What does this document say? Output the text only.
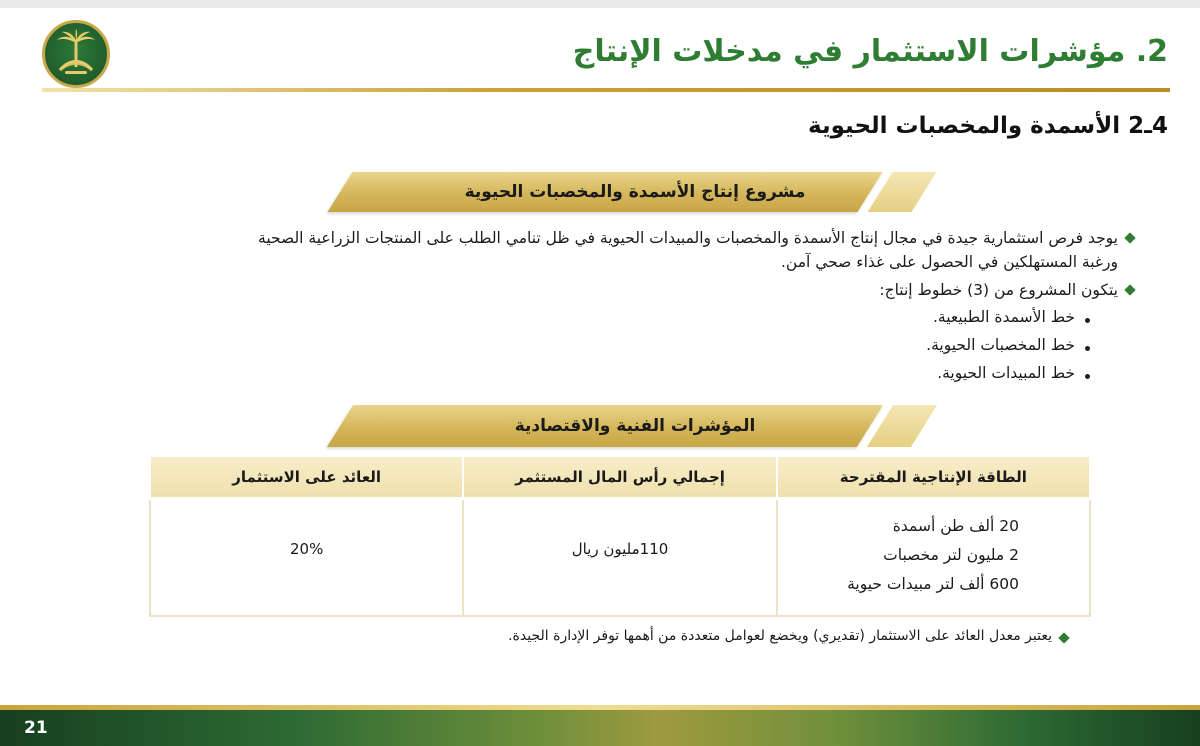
2. مؤشرات الاستثمار في مدخلات الإنتاج
4ـ2 الأسمدة والمخصبات الحيوية
مشروع إنتاج الأسمدة والمخصبات الحيوية
يوجد فرص استثمارية جيدة في مجال إنتاج الأسمدة والمخصبات والمبيدات الحيوية في ظل تنامي الطلب على المنتجات الزراعية الصحية
ورغبة المستهلكين في الحصول على غذاء صحي آمن.
يتكون المشروع من (3) خطوط إنتاج:
خط الأسمدة الطبيعية.
خط المخصبات الحيوية.
خط المبيدات الحيوية.
المؤشرات الفنية والاقتصادية
الطاقة الإنتاجية المقترحة	إجمالي رأس المال المستثمر	العائد على الاستثمار

20 ألف طن أسمدة
2 مليون لتر مخصبات
600 ألف لتر مبيدات حيوية	110مليون ريال	20%
يعتبر معدل العائد على الاستثمار (تقديري) ويخضع لعوامل متعددة من أهمها توفر الإدارة الجيدة.
21
